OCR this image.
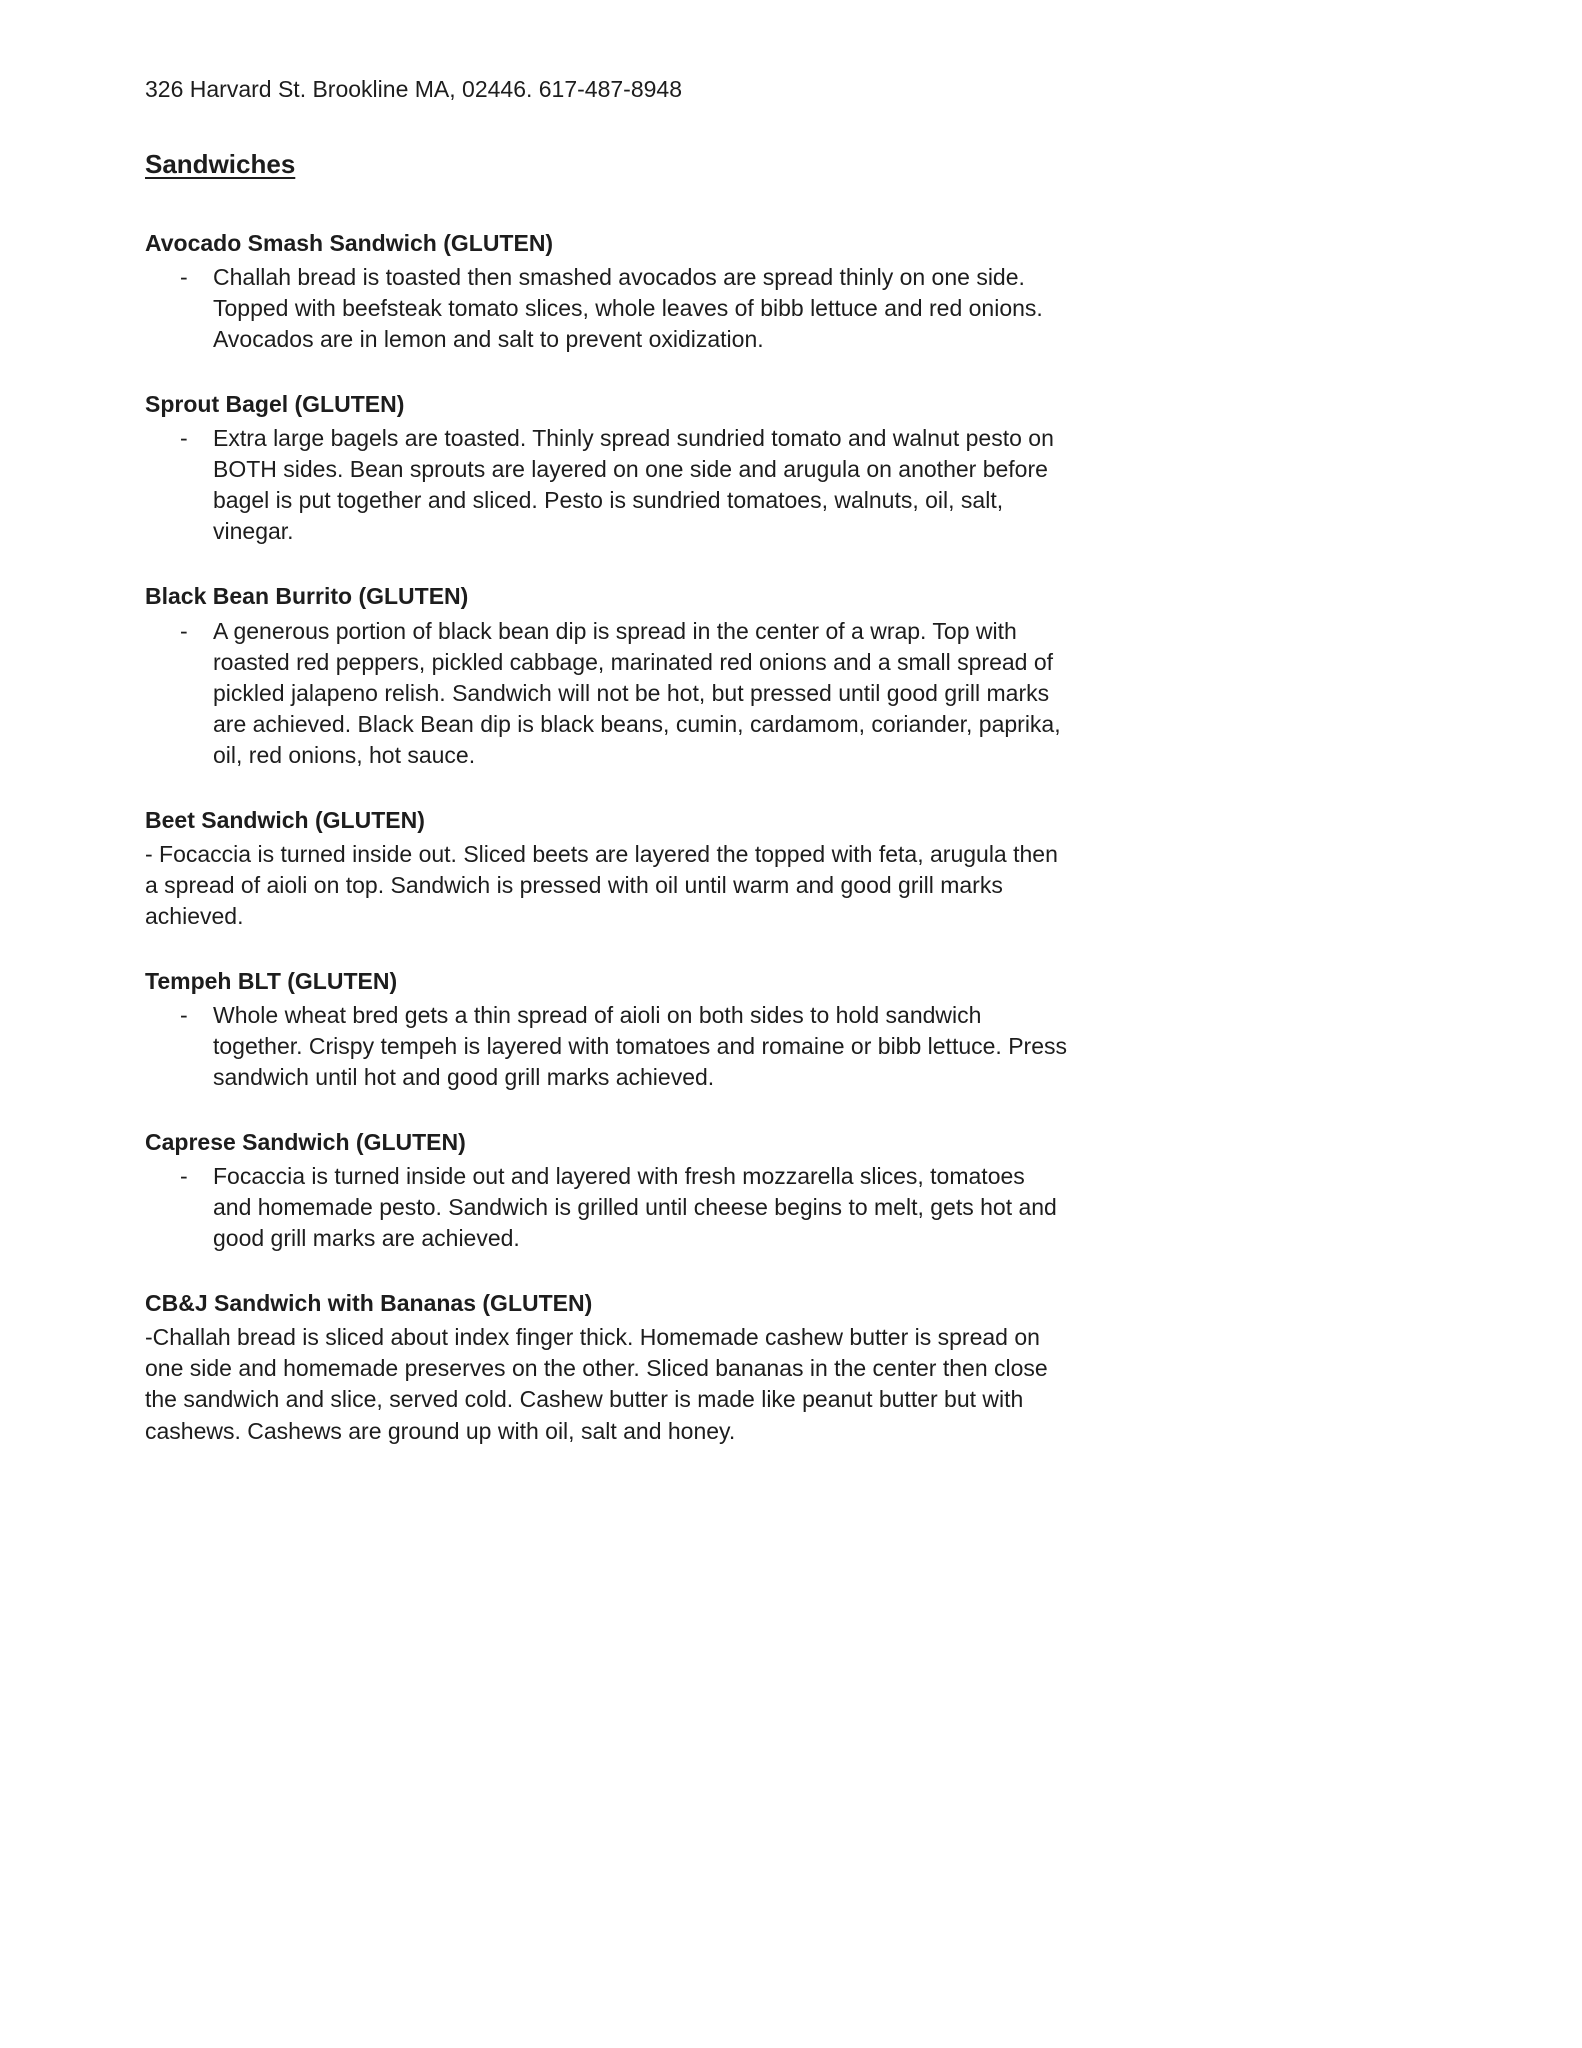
326 Harvard St. Brookline MA, 02446. 617-487-8948
Sandwiches
Avocado Smash Sandwich (GLUTEN)
-	Challah bread is toasted then smashed avocados are spread thinly on one side. Topped with beefsteak tomato slices, whole leaves of bibb lettuce and red onions. Avocados are in lemon and salt to prevent oxidization.
Sprout Bagel (GLUTEN)
-	Extra large bagels are toasted. Thinly spread sundried tomato and walnut pesto on BOTH sides. Bean sprouts are layered on one side and arugula on another before bagel is put together and sliced. Pesto is sundried tomatoes, walnuts, oil, salt, vinegar.
Black Bean Burrito (GLUTEN)
-	A generous portion of black bean dip is spread in the center of a wrap. Top with roasted red peppers, pickled cabbage, marinated red onions and a small spread of pickled jalapeno relish. Sandwich will not be hot, but pressed until good grill marks are achieved. Black Bean dip is black beans, cumin, cardamom, coriander, paprika, oil, red onions, hot sauce.
Beet Sandwich (GLUTEN)
- Focaccia is turned inside out. Sliced beets are layered the topped with feta, arugula then a spread of aioli on top. Sandwich is pressed with oil until warm and good grill marks achieved.
Tempeh BLT (GLUTEN)
-	Whole wheat bred gets a thin spread of aioli on both sides to hold sandwich together. Crispy tempeh is layered with tomatoes and romaine or bibb lettuce. Press sandwich until hot and good grill marks achieved.
Caprese Sandwich (GLUTEN)
-	Focaccia is turned inside out and layered with fresh mozzarella slices, tomatoes and homemade pesto. Sandwich is grilled until cheese begins to melt, gets hot and good grill marks are achieved.
CB&J Sandwich with Bananas (GLUTEN)
-Challah bread is sliced about index finger thick. Homemade cashew butter is spread on one side and homemade preserves on the other. Sliced bananas in the center then close the sandwich and slice, served cold. Cashew butter is made like peanut butter but with cashews. Cashews are ground up with oil, salt and honey.
